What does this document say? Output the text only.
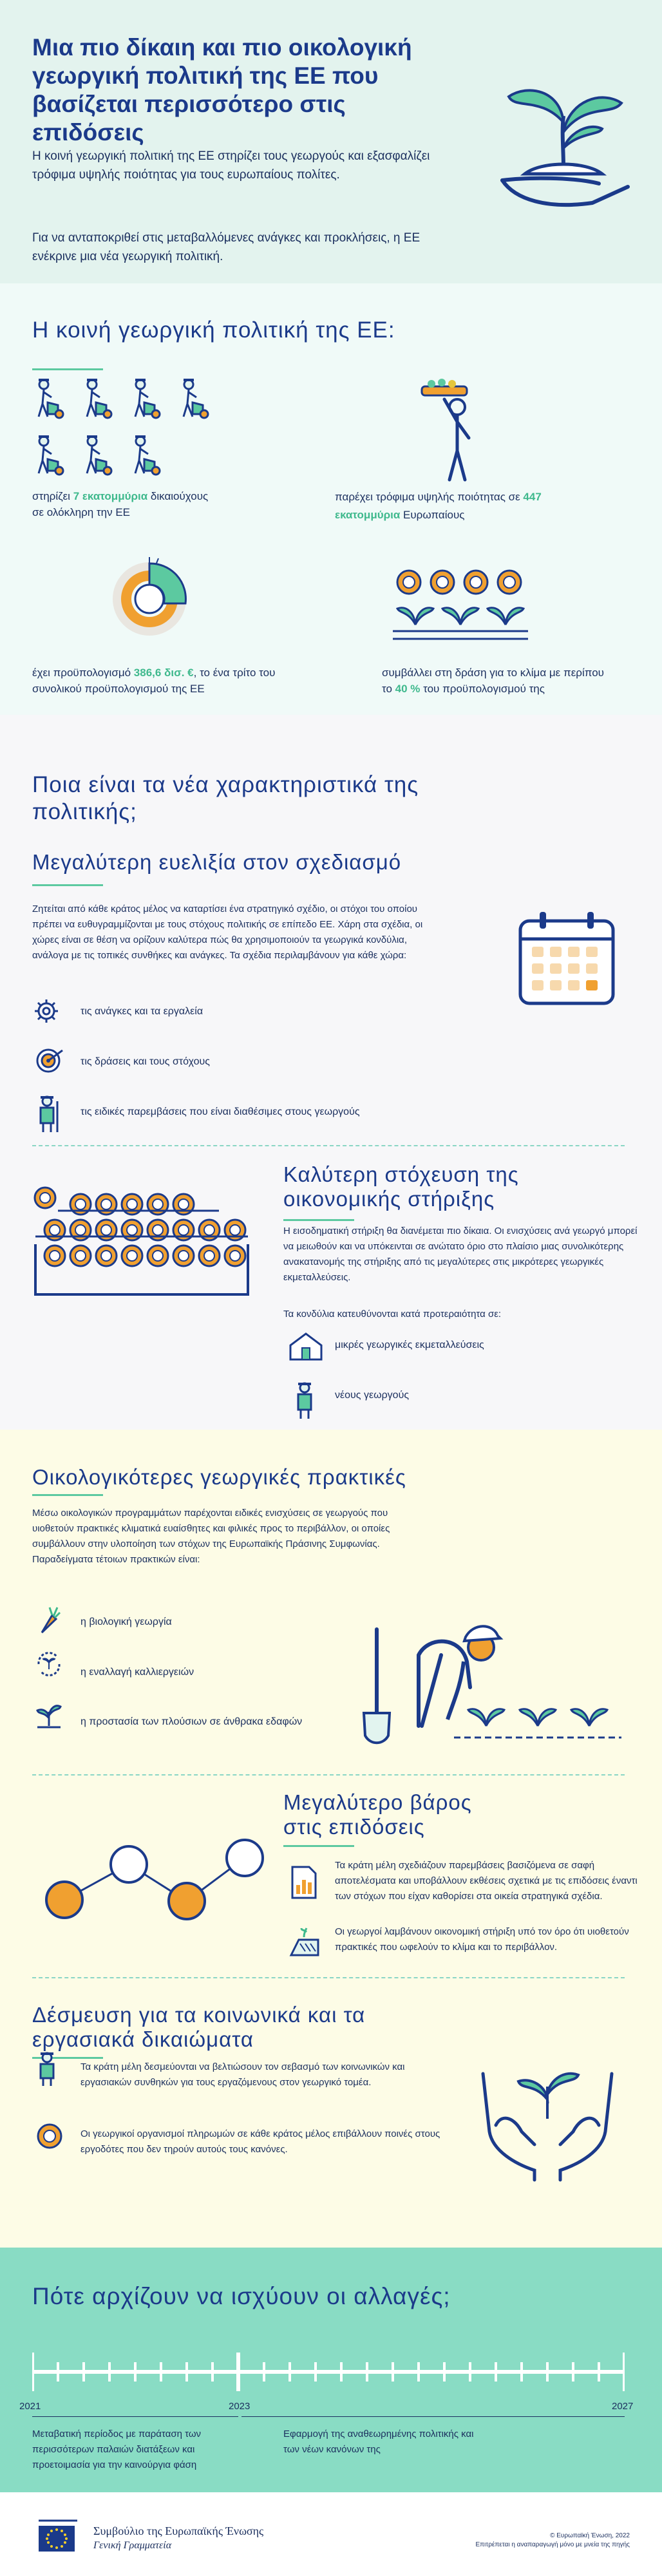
Μια πιο δίκαιη και πιο οικολογική γεωργική πολιτική της ΕΕ που βασίζεται περισσότερο στις επιδόσεις

Η κοινή γεωργική πολιτική της ΕΕ στηρίζει τους γεωργούς και εξασφαλίζει τρόφιμα υψηλής ποιότητας για τους ευρωπαίους πολίτες.

Για να ανταποκριθεί στις μεταβαλλόμενες ανάγκες και προκλήσεις, η ΕΕ ενέκρινε μια νέα γεωργική πολιτική.

Η κοινή γεωργική πολιτική της ΕΕ:
στηρίζει 7 εκατομμύρια δικαιούχους σε ολόκληρη την ΕΕ
παρέχει τρόφιμα υψηλής ποιότητας σε 447 εκατομμύρια Ευρωπαίους
έχει προϋπολογισμό 386,6 δισ. €, το ένα τρίτο του συνολικού προϋπολογισμού της ΕΕ
συμβάλλει στη δράση για το κλίμα με περίπου το 40 % του προϋπολογισμού της
Ποια είναι τα νέα χαρακτηριστικά της πολιτικής;
Μεγαλύτερη ευελιξία στον σχεδιασμό

Ζητείται από κάθε κράτος μέλος να καταρτίσει ένα στρατηγικό σχέδιο, οι στόχοι του οποίου πρέπει να ευθυγραμμίζονται με τους στόχους πολιτικής σε επίπεδο ΕΕ. Χάρη στα σχέδια, οι χώρες είναι σε θέση να ορίζουν καλύτερα πώς θα χρησιμοποιούν τα γεωργικά κονδύλια, ανάλογα με τις τοπικές συνθήκες και ανάγκες. Τα σχέδια περιλαμβάνουν για κάθε χώρα:

τις ανάγκες και τα εργαλεία
τις δράσεις και τους στόχους
τις ειδικές παρεμβάσεις που είναι διαθέσιμες στους γεωργούς
Καλύτερη στόχευση της οικονομικής στήριξης

Η εισοδηματική στήριξη θα διανέμεται πιο δίκαια. Οι ενισχύσεις ανά γεωργό μπορεί να μειωθούν και να υπόκεινται σε ανώτατο όριο στο πλαίσιο μιας συνολικότερης ανακατανομής της στήριξης από τις μεγαλύτερες στις μικρότερες γεωργικές εκμεταλλεύσεις.

Τα κονδύλια κατευθύνονται κατά προτεραιότητα σε:

μικρές γεωργικές εκμεταλλεύσεις
νέους γεωργούς
Οικολογικότερες γεωργικές πρακτικές

Μέσω οικολογικών προγραμμάτων παρέχονται ειδικές ενισχύσεις σε γεωργούς που υιοθετούν πρακτικές κλιματικά ευαίσθητες και φιλικές προς το περιβάλλον, οι οποίες συμβάλλουν στην υλοποίηση των στόχων της Ευρωπαϊκής Πράσινης Συμφωνίας. Παραδείγματα τέτοιων πρακτικών είναι:

η βιολογική γεωργία
η εναλλαγή καλλιεργειών
η προστασία των πλούσιων σε άνθρακα εδαφών
Μεγαλύτερο βάρος στις επιδόσεις

Τα κράτη μέλη σχεδιάζουν παρεμβάσεις βασιζόμενα σε σαφή αποτελέσματα και υποβάλλουν εκθέσεις σχετικά με τις επιδόσεις έναντι των στόχων που είχαν καθορίσει στα οικεία στρατηγικά σχέδια.

Οι γεωργοί λαμβάνουν οικονομική στήριξη υπό τον όρο ότι υιοθετούν πρακτικές που ωφελούν το κλίμα και το περιβάλλον.

Δέσμευση για τα κοινωνικά και τα εργασιακά δικαιώματα

Τα κράτη μέλη δεσμεύονται να βελτιώσουν τον σεβασμό των κοινωνικών και εργασιακών συνθηκών για τους εργαζόμενους στον γεωργικό τομέα.

Οι γεωργικοί οργανισμοί πληρωμών σε κάθε κράτος μέλος επιβάλλουν ποινές στους εργοδότες που δεν τηρούν αυτούς τους κανόνες.

Πότε αρχίζουν να ισχύουν οι αλλαγές;
2021	2023	2027

Μεταβατική περίοδος με παράταση των περισσότερων παλαιών διατάξεων και προετοιμασία για την καινούργια φάση

Εφαρμογή της αναθεωρημένης πολιτικής και των νέων κανόνων της

Συμβούλιο της Ευρωπαϊκής Ένωσης
Γενική Γραμματεία
© Ευρωπαϊκή Ένωση, 2022
Επιτρέπεται η αναπαραγωγή μόνο με μνεία της πηγής
